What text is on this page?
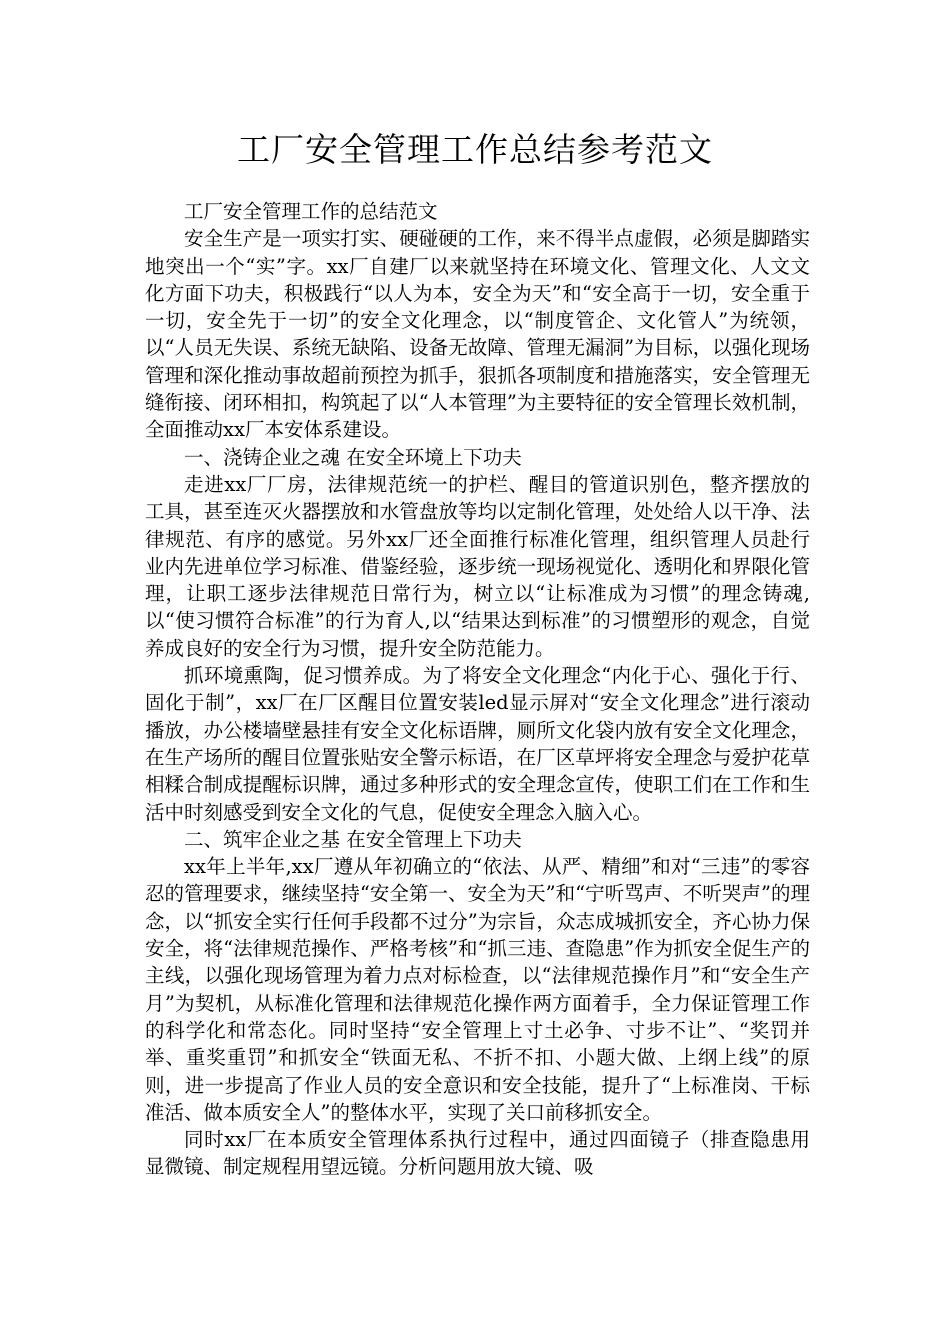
工厂安全管理工作总结参考范文

工厂安全管理工作的总结范文

安全生产是一项实打实、硬碰硬的工作，来不得半点虚假，必须是脚踏实地突出一个“实”字。xx厂自建厂以来就坚持在环境文化、管理文化、人文文化方面下功夫，积极践行“以人为本，安全为天”和“安全高于一切，安全重于一切，安全先于一切”的安全文化理念，以“制度管企、文化管人”为统领，以“人员无失误、系统无缺陷、设备无故障、管理无漏洞”为目标，以强化现场管理和深化推动事故超前预控为抓手，狠抓各项制度和措施落实，安全管理无缝衔接、闭环相扣，构筑起了以“人本管理”为主要特征的安全管理长效机制，全面推动xx厂本安体系建设。

一、浇铸企业之魂 在安全环境上下功夫

走进xx厂厂房，法律规范统一的护栏、醒目的管道识别色，整齐摆放的工具，甚至连灭火器摆放和水管盘放等均以定制化管理，处处给人以干净、法律规范、有序的感觉。另外xx厂还全面推行标准化管理，组织管理人员赴行业内先进单位学习标准、借鉴经验，逐步统一现场视觉化、透明化和界限化管理，让职工逐步法律规范日常行为，树立以“让标准成为习惯”的理念铸魂,以“使习惯符合标准”的行为育人,以“结果达到标准”的习惯塑形的观念，自觉养成良好的安全行为习惯，提升安全防范能力。

抓环境熏陶，促习惯养成。为了将安全文化理念“内化于心、强化于行、固化于制”，xx厂在厂区醒目位置安装led显示屏对“安全文化理念”进行滚动播放，办公楼墙壁悬挂有安全文化标语牌，厕所文化袋内放有安全文化理念，在生产场所的醒目位置张贴安全警示标语，在厂区草坪将安全理念与爱护花草相糅合制成提醒标识牌，通过多种形式的安全理念宣传，使职工们在工作和生活中时刻感受到安全文化的气息，促使安全理念入脑入心。

二、筑牢企业之基 在安全管理上下功夫

xx年上半年,xx厂遵从年初确立的“依法、从严、精细”和对“三违”的零容忍的管理要求，继续坚持“安全第一、安全为天”和“宁听骂声、不听哭声”的理念，以“抓安全实行任何手段都不过分”为宗旨，众志成城抓安全，齐心协力保安全，将“法律规范操作、严格考核”和“抓三违、查隐患”作为抓安全促生产的主线，以强化现场管理为着力点对标检查，以“法律规范操作月”和“安全生产月”为契机，从标准化管理和法律规范化操作两方面着手，全力保证管理工作的科学化和常态化。同时坚持“安全管理上寸土必争、寸步不让”、“奖罚并举、重奖重罚”和抓安全“铁面无私、不折不扣、小题大做、上纲上线”的原则，进一步提高了作业人员的安全意识和安全技能，提升了“上标准岗、干标准活、做本质安全人”的整体水平，实现了关口前移抓安全。

同时xx厂在本质安全管理体系执行过程中，通过四面镜子（排查隐患用显微镜、制定规程用望远镜。分析问题用放大镜、吸
